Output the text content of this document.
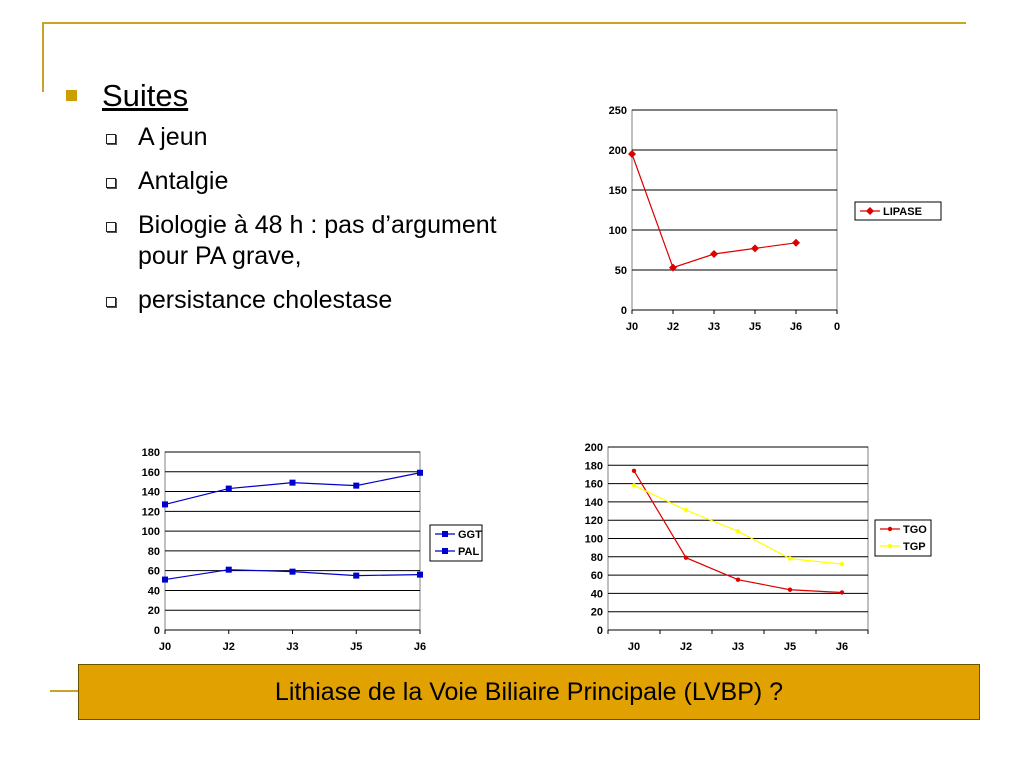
Suites
A jeun
Antalgie
Biologie à 48 h : pas d’argument pour PA grave,
persistance cholestase	0
50
100
150
200
250
J0	J2	J3	J5	J6	0
LIPASE
0
20
40
60
80
100
120
140
160
180
J0	J2	J3	J5	J6
GGT
PAL
0
20
40
60
80
100
120
140
160
180
200
J0	J2	J3	J5	J6
TGO
TGP
Lithiase de la Voie Biliaire Principale (LVBP) ?
